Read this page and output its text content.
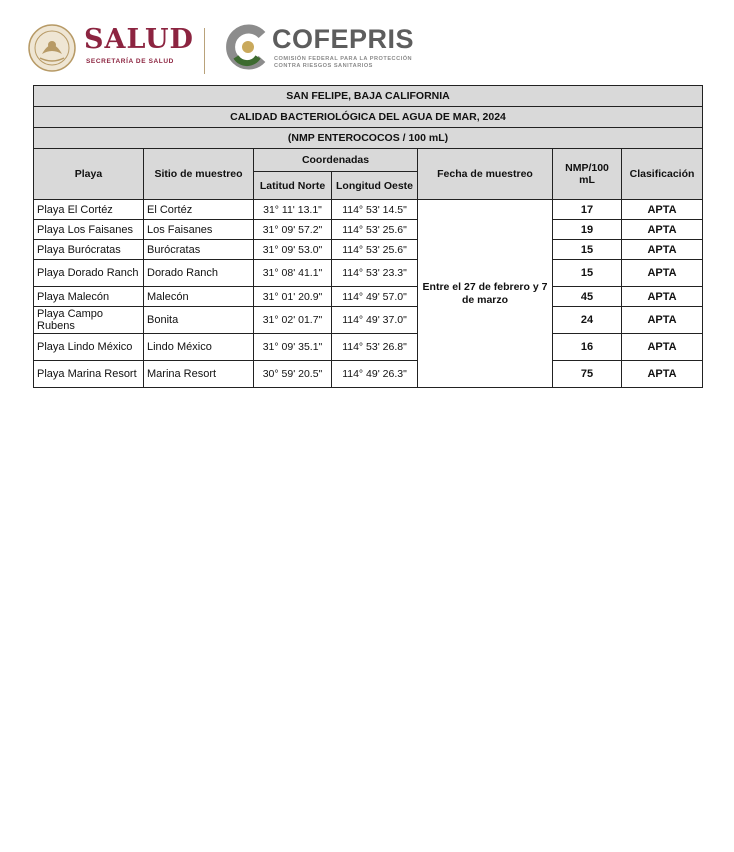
SALUD
SECRETARÍA DE SALUD
COFEPRIS
COMISIÓN FEDERAL PARA LA PROTECCIÓN
CONTRA RIESGOS SANITARIOS
SAN FELIPE, BAJA CALIFORNIA						
CALIDAD BACTERIOLÓGICA DEL AGUA DE MAR, 2024						
(NMP ENTEROCOCOS / 100 mL)						
Playa	Sitio de muestreo	Coordenadas		Fecha de muestreo	NMP/100 mL	Clasificación
		Latitud Norte	Longitud Oeste			
Playa El Cortéz	El Cortéz	31° 11' 13.1"	114° 53' 14.5"	Entre el 27 de febrero y 7 de marzo	17	APTA
Playa Los Faisanes	Los Faisanes	31° 09' 57.2"	114° 53' 25.6"		19	APTA
Playa Burócratas	Burócratas	31° 09' 53.0"	114° 53' 25.6"		15	APTA
Playa Dorado Ranch	Dorado Ranch	31° 08' 41.1"	114° 53' 23.3"		15	APTA
Playa Malecón	Malecón	31° 01' 20.9"	114° 49' 57.0"		45	APTA
Playa Campo Rubens	Bonita	31° 02' 01.7"	114° 49' 37.0"		24	APTA
Playa Lindo México	Lindo México	31° 09' 35.1"	114° 53' 26.8"		16	APTA
Playa Marina Resort	Marina Resort	30° 59' 20.5"	114° 49' 26.3"		75	APTA
